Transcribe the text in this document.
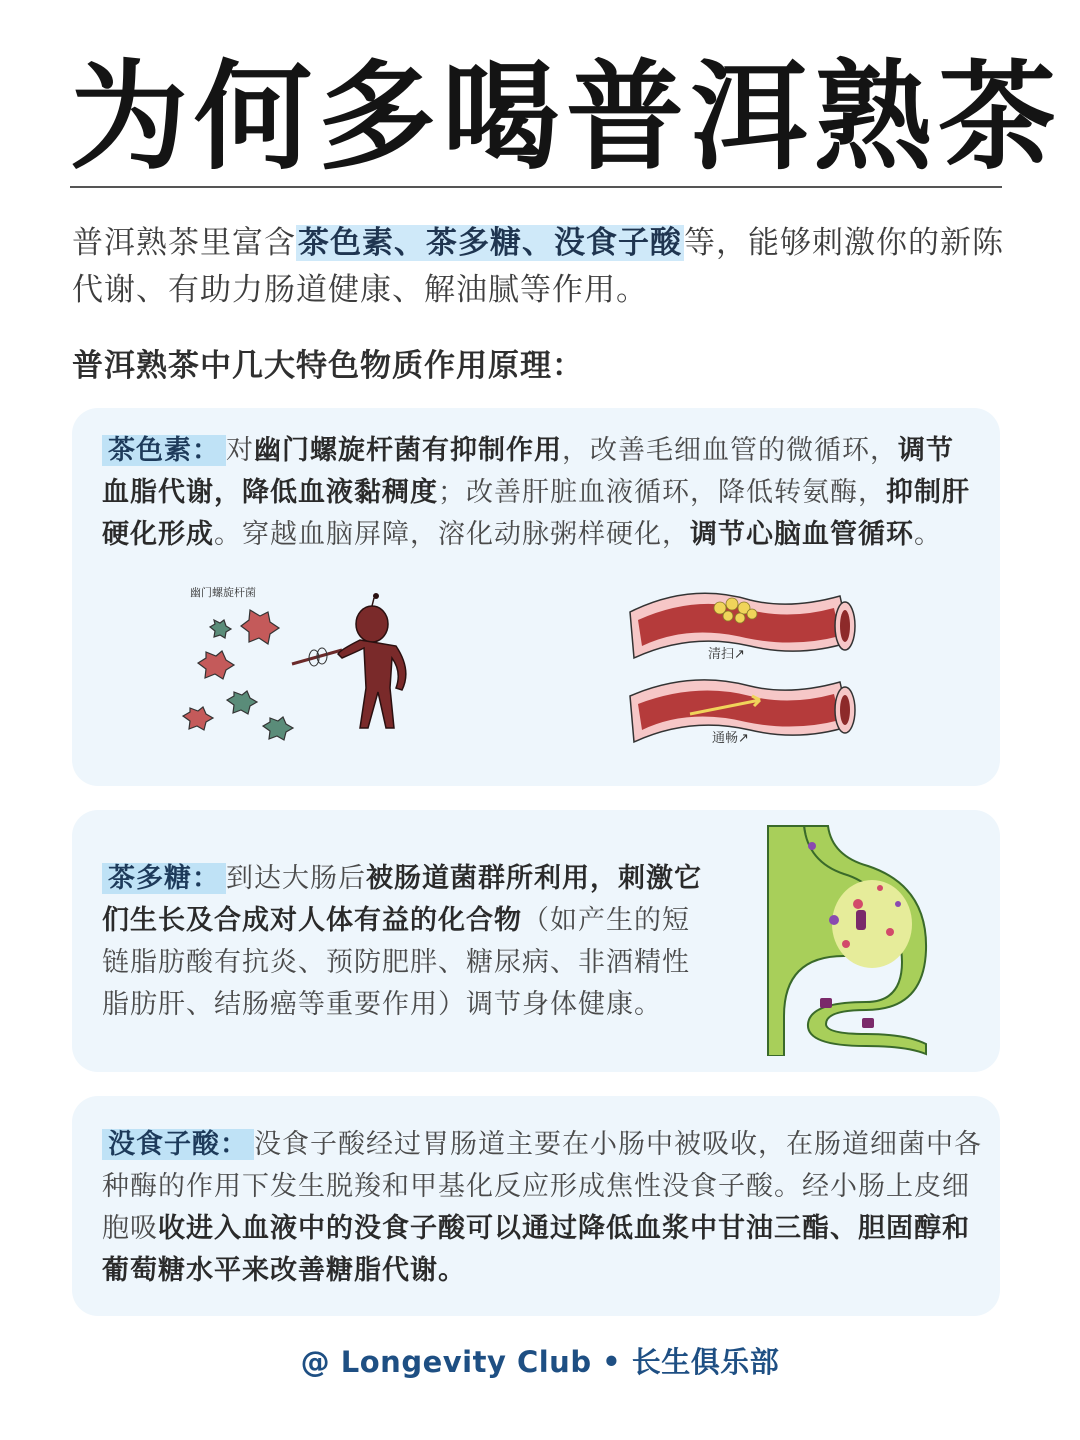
为何多喝普洱熟茶
普洱熟茶里富含茶色素、茶多糖、没食子酸等，能够刺激你的新陈代谢、有助力肠道健康、解油腻等作用。
普洱熟茶中几大特色物质作用原理：
茶色素： 对幽门螺旋杆菌有抑制作用，改善毛细血管的微循环，调节血脂代谢，降低血液黏稠度；改善肝脏血液循环，降低转氨酶，抑制肝硬化形成。穿越血脑屏障，溶化动脉粥样硬化，调节心脑血管循环。
幽门螺旋杆菌
清扫↗
通畅↗
茶多糖： 到达大肠后被肠道菌群所利用，刺激它们生长及合成对人体有益的化合物（如产生的短链脂肪酸有抗炎、预防肥胖、糖尿病、非酒精性脂肪肝、结肠癌等重要作用）调节身体健康。
没食子酸： 没食子酸经过胃肠道主要在小肠中被吸收，在肠道细菌中各种酶的作用下发生脱羧和甲基化反应形成焦性没食子酸。经小肠上皮细胞吸收进入血液中的没食子酸可以通过降低血浆中甘油三酯、胆固醇和葡萄糖水平来改善糖脂代谢。
@ Longevity Club • 长生俱乐部
